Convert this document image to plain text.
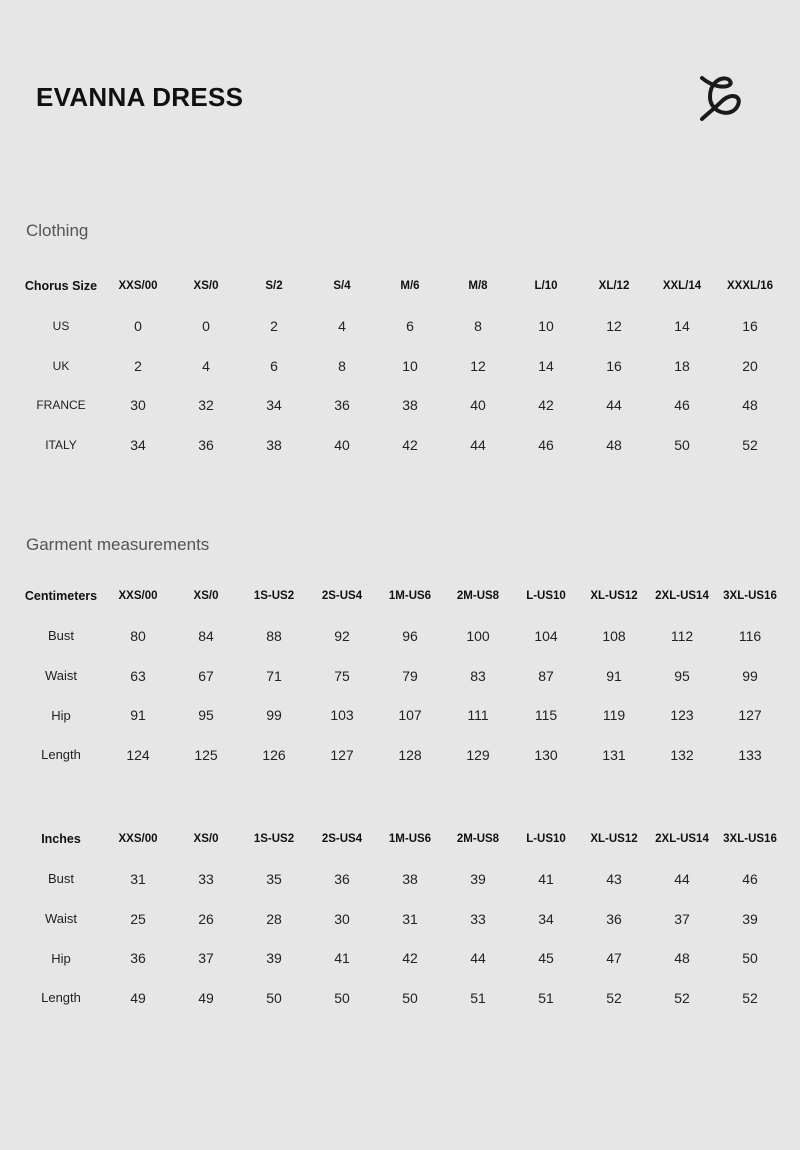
EVANNA DRESS
Clothing
Chorus Size	XXS/00	XS/0	S/2	S/4	M/6	M/8	L/10	XL/12	XXL/14	XXXL/16
US	0	0	2	4	6	8	10	12	14	16
UK	2	4	6	8	10	12	14	16	18	20
FRANCE	30	32	34	36	38	40	42	44	46	48
ITALY	34	36	38	40	42	44	46	48	50	52
Garment measurements
Centimeters	XXS/00	XS/0	1S-US2	2S-US4	1M-US6	2M-US8	L-US10	XL-US12	2XL-US14	3XL-US16
Bust	80	84	88	92	96	100	104	108	112	116
Waist	63	67	71	75	79	83	87	91	95	99
Hip	91	95	99	103	107	111	115	119	123	127
Length	124	125	126	127	128	129	130	131	132	133
Inches	XXS/00	XS/0	1S-US2	2S-US4	1M-US6	2M-US8	L-US10	XL-US12	2XL-US14	3XL-US16
Bust	31	33	35	36	38	39	41	43	44	46
Waist	25	26	28	30	31	33	34	36	37	39
Hip	36	37	39	41	42	44	45	47	48	50
Length	49	49	50	50	50	51	51	52	52	52
